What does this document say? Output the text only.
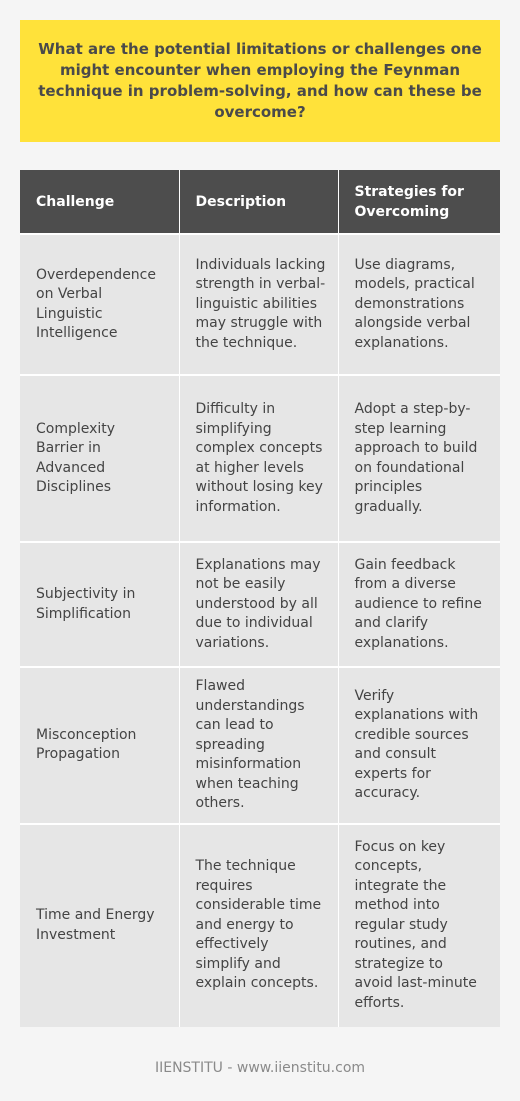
What are the potential limitations or challenges one might encounter when employing the Feynman technique in problem-solving, and how can these be overcome?
Challenge	Description	Strategies for Overcoming
Overdependence on Verbal Linguistic Intelligence	Individuals lacking strength in verbal-linguistic abilities may struggle with the technique.	Use diagrams, models, practical demonstrations alongside verbal explanations.
Complexity Barrier in Advanced Disciplines	Difficulty in simplifying complex concepts at higher levels without losing key information.	Adopt a step-by-step learning approach to build on foundational principles gradually.
Subjectivity in Simplification	Explanations may not be easily understood by all due to individual variations.	Gain feedback from a diverse audience to refine and clarify explanations.
Misconception Propagation	Flawed understandings can lead to spreading misinformation when teaching others.	Verify explanations with credible sources and consult experts for accuracy.
Time and Energy Investment	The technique requires considerable time and energy to effectively simplify and explain concepts.	Focus on key concepts, integrate the method into regular study routines, and strategize to avoid last-minute efforts.
IIENSTITU - www.iienstitu.com
